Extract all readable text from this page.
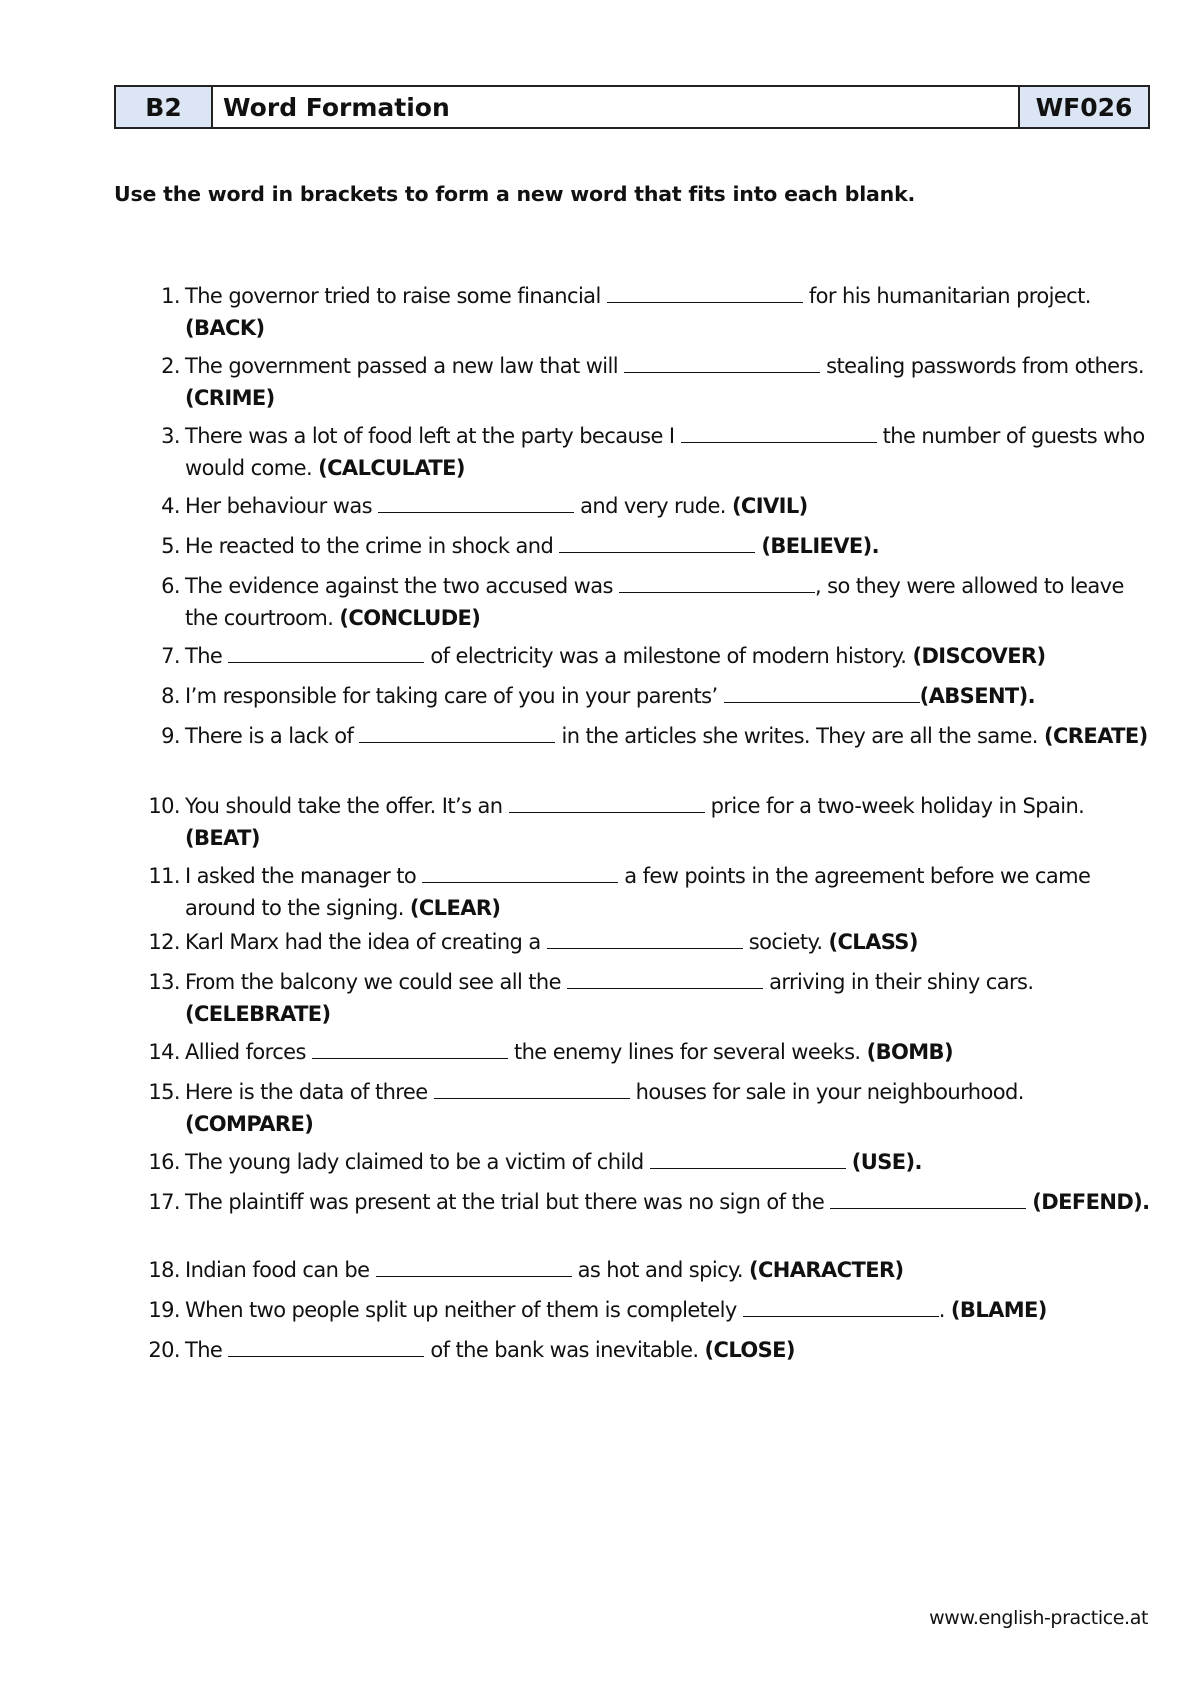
B2	Word Formation	WF026
Use the word in brackets to form a new word that fits into each blank.
1. The governor tried to raise some financial	for his humanitarian project. (BACK)
2. The government passed a new law that will	stealing passwords from others. (CRIME)
3. There was a lot of food left at the party because I	the number of guests who would come. (CALCULATE)
4. Her behaviour was	and very rude. (CIVIL)
5. He reacted to the crime in shock and	(BELIEVE).
6. The evidence against the two accused was	, so they were allowed to leave the courtroom. (CONCLUDE)
7. The	of electricity was a milestone of modern history. (DISCOVER)
8. I’m responsible for taking care of you in your parents’	(ABSENT).
9. There is a lack of	in the articles she writes. They are all the same. (CREATE)
10. You should take the offer. It’s an	price for a two-week holiday in Spain. (BEAT)
11. I asked the manager to	a few points in the agreement before we came around to the signing. (CLEAR)
12. Karl Marx had the idea of creating a	society. (CLASS)
13. From the balcony we could see all the	arriving in their shiny cars. (CELEBRATE)
14. Allied forces	the enemy lines for several weeks. (BOMB)
15. Here is the data of three	houses for sale in your neighbourhood. (COMPARE)
16. The young lady claimed to be a victim of child	(USE).
17. The plaintiff was present at the trial but there was no sign of the	(DEFEND).
18. Indian food can be	as hot and spicy. (CHARACTER)
19. When two people split up neither of them is completely	. (BLAME)
20. The	of the bank was inevitable. (CLOSE)
www.english-practice.at
